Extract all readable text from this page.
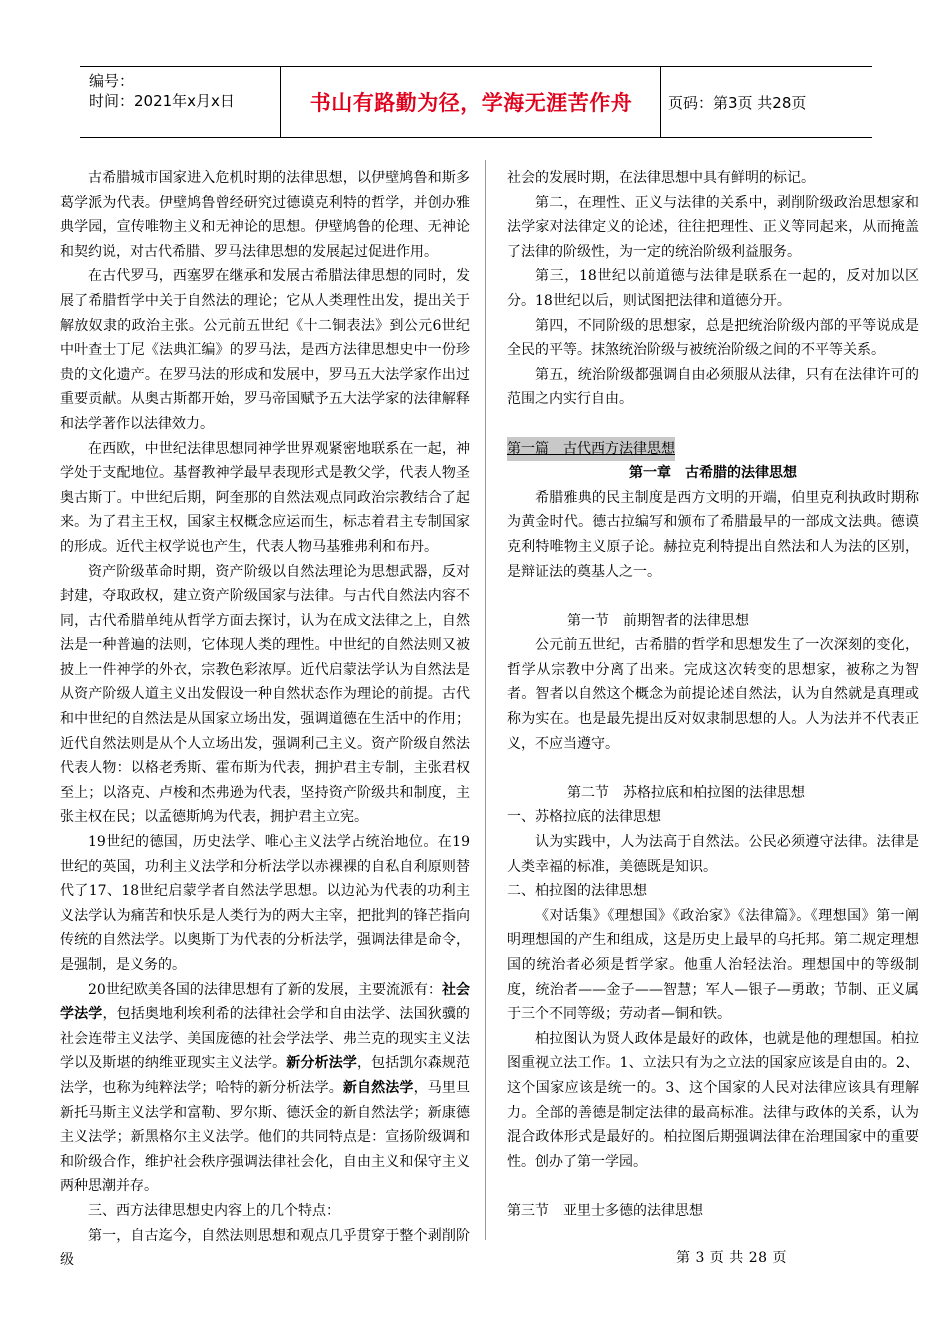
编号：
时间：2021年x月x日	书山有路勤为径，学海无涯苦作舟	页码：第3页 共28页

古希腊城市国家进入危机时期的法律思想，以伊壁鸠鲁和斯多葛学派为代表。伊壁鸠鲁曾经研究过德谟克利特的哲学，并创办雅典学园，宣传唯物主义和无神论的思想。伊壁鸠鲁的伦理、无神论和契约说，对古代希腊、罗马法律思想的发展起过促进作用。

在古代罗马，西塞罗在继承和发展古希腊法律思想的同时，发展了希腊哲学中关于自然法的理论；它从人类理性出发，提出关于解放奴隶的政治主张。公元前五世纪《十二铜表法》到公元6世纪中叶查士丁尼《法典汇编》的罗马法，是西方法律思想史中一份珍贵的文化遗产。在罗马法的形成和发展中，罗马五大法学家作出过重要贡献。从奥古斯都开始，罗马帝国赋予五大法学家的法律解释和法学著作以法律效力。

在西欧，中世纪法律思想同神学世界观紧密地联系在一起，神学处于支配地位。基督教神学最早表现形式是教父学，代表人物圣奥古斯丁。中世纪后期，阿奎那的自然法观点同政治宗教结合了起来。为了君主王权，国家主权概念应运而生，标志着君主专制国家的形成。近代主权学说也产生，代表人物马基雅弗利和布丹。

资产阶级革命时期，资产阶级以自然法理论为思想武器，反对封建，夺取政权，建立资产阶级国家与法律。与古代自然法内容不同，古代希腊单纯从哲学方面去探讨，认为在成文法律之上，自然法是一种普遍的法则，它体现人类的理性。中世纪的自然法则又被披上一件神学的外衣，宗教色彩浓厚。近代启蒙法学认为自然法是从资产阶级人道主义出发假设一种自然状态作为理论的前提。古代和中世纪的自然法是从国家立场出发，强调道德在生活中的作用；近代自然法则是从个人立场出发，强调利己主义。资产阶级自然法代表人物：以格老秀斯、霍布斯为代表，拥护君主专制，主张君权至上；以洛克、卢梭和杰弗逊为代表，坚持资产阶级共和制度，主张主权在民；以孟德斯鸠为代表，拥护君主立宪。

19世纪的德国，历史法学、唯心主义法学占统治地位。在19世纪的英国，功利主义法学和分析法学以赤裸裸的自私自利原则替代了17、18世纪启蒙学者自然法学思想。以边沁为代表的功利主义法学认为痛苦和快乐是人类行为的两大主宰，把批判的锋芒指向传统的自然法学。以奥斯丁为代表的分析法学，强调法律是命令，是强制，是义务的。

20世纪欧美各国的法律思想有了新的发展，主要流派有：社会学法学，包括奥地利埃利希的法律社会学和自由法学、法国狄骥的社会连带主义法学、美国庞德的社会学法学、弗兰克的现实主义法学以及斯堪的纳维亚现实主义法学。新分析法学，包括凯尔森规范法学，也称为纯粹法学；哈特的新分析法学。新自然法学，马里旦新托马斯主义法学和富勒、罗尔斯、德沃金的新自然法学；新康德主义法学；新黑格尔主义法学。他们的共同特点是：宣扬阶级调和和阶级合作，维护社会秩序强调法律社会化，自由主义和保守主义两种思潮并存。

三、西方法律思想史内容上的几个特点：

第一，自古迄今，自然法则思想和观点几乎贯穿于整个剥削阶级

社会的发展时期，在法律思想中具有鲜明的标记。

第二，在理性、正义与法律的关系中，剥削阶级政治思想家和法学家对法律定义的论述，往往把理性、正义等同起来，从而掩盖了法律的阶级性，为一定的统治阶级利益服务。

第三，18世纪以前道德与法律是联系在一起的，反对加以区分。18世纪以后，则试图把法律和道德分开。

第四，不同阶级的思想家，总是把统治阶级内部的平等说成是全民的平等。抹煞统治阶级与被统治阶级之间的不平等关系。

第五，统治阶级都强调自由必须服从法律，只有在法律许可的范围之内实行自由。

第一篇　古代西方法律思想

第一章　古希腊的法律思想

希腊雅典的民主制度是西方文明的开端，伯里克利执政时期称为黄金时代。德古拉编写和颁布了希腊最早的一部成文法典。德谟克利特唯物主义原子论。赫拉克利特提出自然法和人为法的区别，是辩证法的奠基人之一。

第一节　前期智者的法律思想

公元前五世纪，古希腊的哲学和思想发生了一次深刻的变化，哲学从宗教中分离了出来。完成这次转变的思想家，被称之为智者。智者以自然这个概念为前提论述自然法，认为自然就是真理或称为实在。也是最先提出反对奴隶制思想的人。人为法并不代表正义，不应当遵守。

第二节　苏格拉底和柏拉图的法律思想

一、苏格拉底的法律思想

认为实践中，人为法高于自然法。公民必须遵守法律。法律是人类幸福的标准，美德既是知识。

二、柏拉图的法律思想

《对话集》《理想国》《政治家》《法律篇》。《理想国》第一阐明理想国的产生和组成，这是历史上最早的乌托邦。第二规定理想国的统治者必须是哲学家。他重人治轻法治。理想国中的等级制度，统治者——金子——智慧；军人—银子—勇敢；节制、正义属于三个不同等级；劳动者—铜和铁。

柏拉图认为贤人政体是最好的政体，也就是他的理想国。柏拉图重视立法工作。1、立法只有为之立法的国家应该是自由的。2、这个国家应该是统一的。3、这个国家的人民对法律应该具有理解力。全部的善德是制定法律的最高标准。法律与政体的关系，认为混合政体形式是最好的。柏拉图后期强调法律在治理国家中的重要性。创办了第一学园。

第三节　亚里士多德的法律思想

第 3 页 共 28 页
